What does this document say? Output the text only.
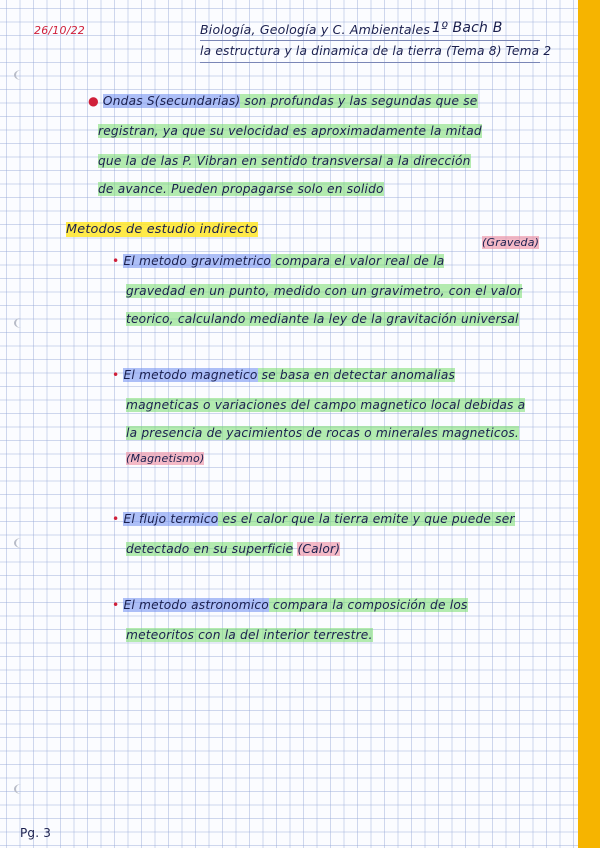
26/10/22	Biología, Geología y C. Ambientales 1º Bach B
la estructura y la dinamica de la tierra (Tema 8) Tema 2
● Ondas S(secundarias) son profundas y las segundas que se
registran, ya que su velocidad es aproximadamente la mitad
que la de las P. Vibran en sentido transversal a la dirección
de avance. Pueden propagarse solo en solido
Metodos de estudio indirecto
(Graveda)
• El metodo gravimetrico compara el valor real de la
gravedad en un punto, medido con un gravimetro, con el valor
teorico, calculando mediante la ley de la gravitación universal
• El metodo magnetico se basa en detectar anomalias
magneticas o variaciones del campo magnetico local debidas a
la presencia de yacimientos de rocas o minerales magneticos.
(Magnetismo)
• El flujo termico es el calor que la tierra emite y que puede ser
detectado en su superficie (Calor)
• El metodo astronomico compara la composición de los
meteoritos con la del interior terrestre.
Pg. 3
